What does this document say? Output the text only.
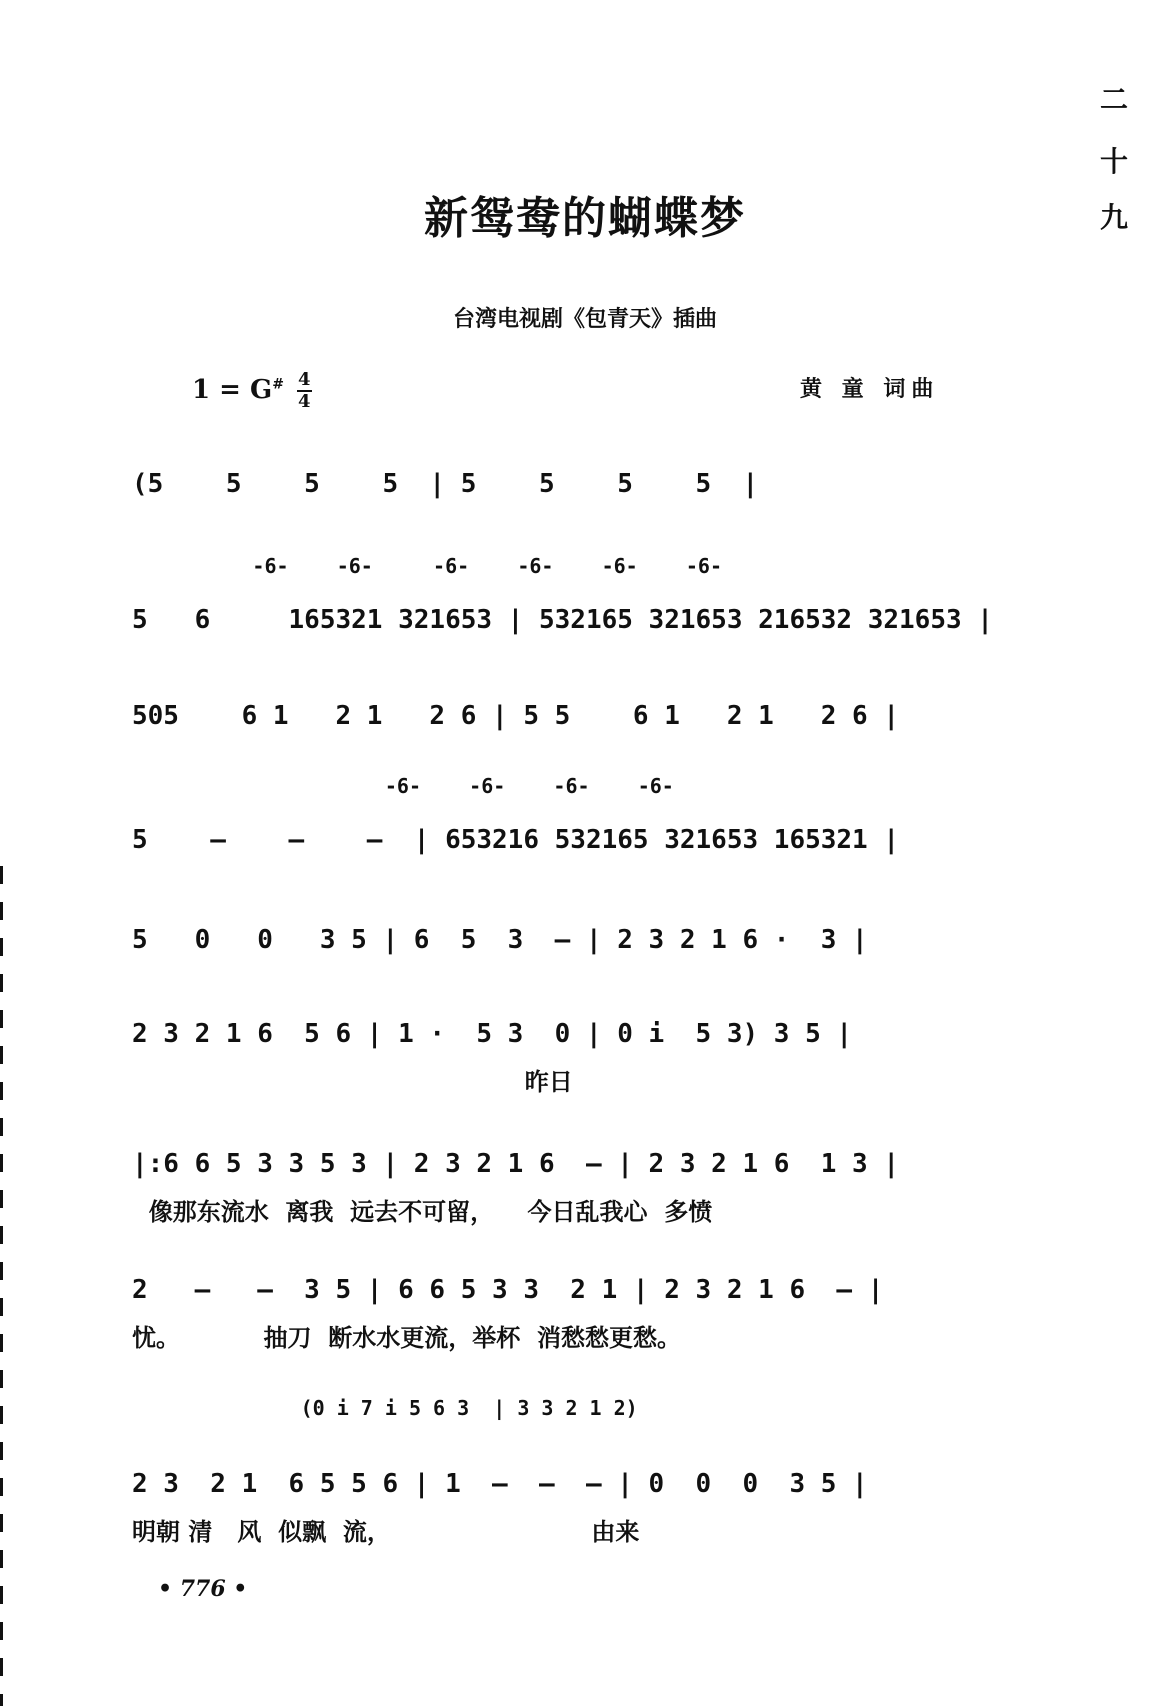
新鸳鸯的蝴蝶梦
台湾电视剧《包青天》插曲
$1 = G^{\#} \frac{4}{4}$	黄 童 词曲
二
十
九
(5    5    5    5  | 5    5    5    5  |
-6-    -6-     -6-    -6-    -6-    -6-
5   6     165321 321653 | 532165 321653 216532 321653 |
505    6 1   2 1   2 6 | 5 5    6 1   2 1   2 6 |
-6-    -6-    -6-    -6-
5    —    —    —  | 653216 532165 321653 165321 |
5   0   0   3 5 | 6  5  3  — | 2 3 2 1 6 ·  3 |
2 3 2 1 6  5 6 | 1 ·  5 3  0 | 0 i  5 3) 3 5 |
昨日
|:6 6 5 3 3 5 3 | 2 3 2 1 6  — | 2 3 2 1 6  1 3 |
像那东流水  离我  远去不可留，    今日乱我心  多愤
2   —   —  3 5 | 6 6 5 3 3  2 1 | 2 3 2 1 6  — |
忧。          抽刀  断水水更流，举杯  消愁愁更愁。
(0 i 7 i 5 6 3  | 3 3 2 1 2)
2 3  2 1  6 5 5 6 | 1  —  —  — | 0  0  0  3 5 |
明朝 清   风  似飘  流，                        由来
• 776 •
